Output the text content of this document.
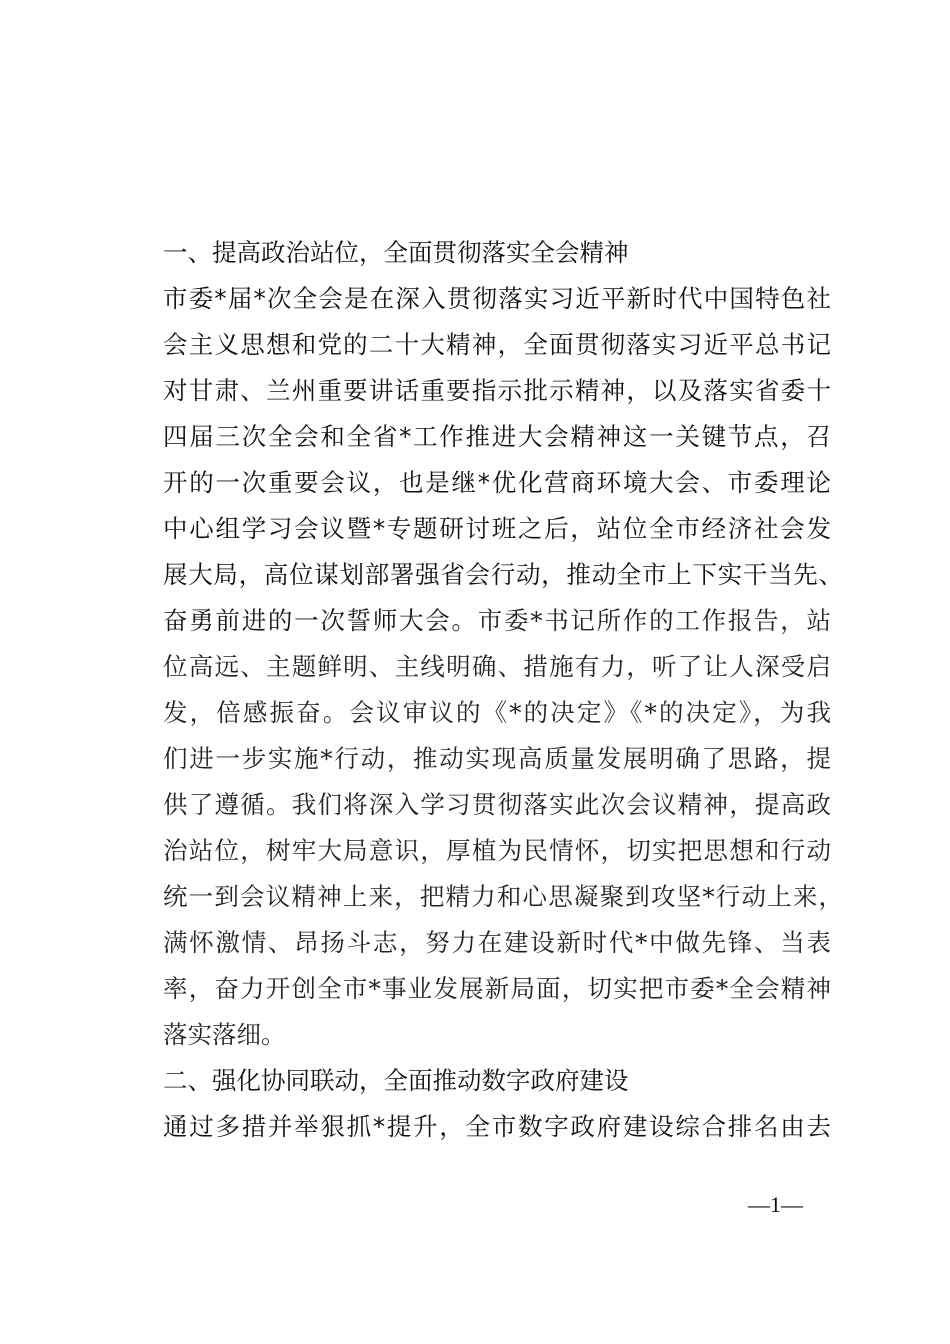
一、提高政治站位，全面贯彻落实全会精神
市委*届*次全会是在深入贯彻落实习近平新时代中国特色社
会主义思想和党的二十大精神，全面贯彻落实习近平总书记
对甘肃、兰州重要讲话重要指示批示精神，以及落实省委十
四届三次全会和全省*工作推进大会精神这一关键节点，召
开的一次重要会议，也是继*优化营商环境大会、市委理论
中心组学习会议暨*专题研讨班之后，站位全市经济社会发
展大局，高位谋划部署强省会行动，推动全市上下实干当先、
奋勇前进的一次誓师大会。市委*书记所作的工作报告，站
位高远、主题鲜明、主线明确、措施有力，听了让人深受启
发，倍感振奋。会议审议的《*的决定》《*的决定》，为我
们进一步实施*行动，推动实现高质量发展明确了思路，提
供了遵循。我们将深入学习贯彻落实此次会议精神，提高政
治站位，树牢大局意识，厚植为民情怀，切实把思想和行动
统一到会议精神上来，把精力和心思凝聚到攻坚*行动上来，
满怀激情、昂扬斗志，努力在建设新时代*中做先锋、当表
率，奋力开创全市*事业发展新局面，切实把市委*全会精神
落实落细。
二、强化协同联动，全面推动数字政府建设
通过多措并举狠抓*提升，全市数字政府建设综合排名由去
—1—
